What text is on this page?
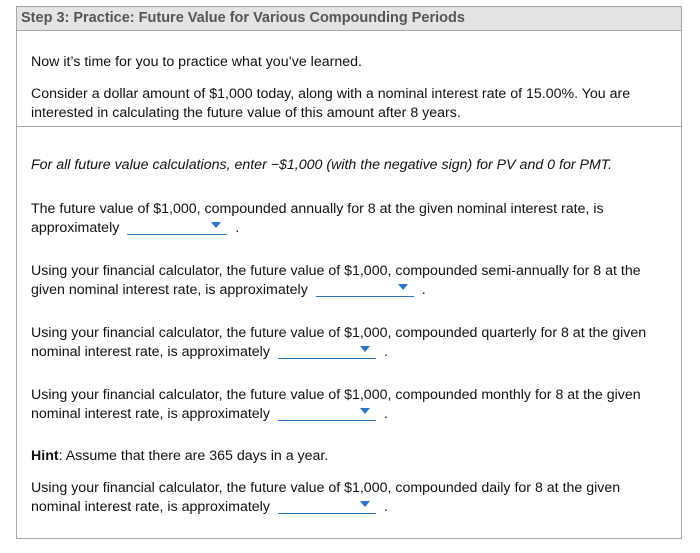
Step 3: Practice: Future Value for Various Compounding Periods

Now it’s time for you to practice what you’ve learned.

Consider a dollar amount of $1,000 today, along with a nominal interest rate of 15.00%. You are interested in calculating the future value of this amount after 8 years.

For all future value calculations, enter −$1,000 (with the negative sign) for PV and 0 for PMT.

The future value of $1,000, compounded annually for 8 at the given nominal interest rate, is approximately	.

Using your financial calculator, the future value of $1,000, compounded semi-annually for 8 at the given nominal interest rate, is approximately	.

Using your financial calculator, the future value of $1,000, compounded quarterly for 8 at the given nominal interest rate, is approximately	.

Using your financial calculator, the future value of $1,000, compounded monthly for 8 at the given nominal interest rate, is approximately	.

Hint: Assume that there are 365 days in a year.

Using your financial calculator, the future value of $1,000, compounded daily for 8 at the given nominal interest rate, is approximately	.
